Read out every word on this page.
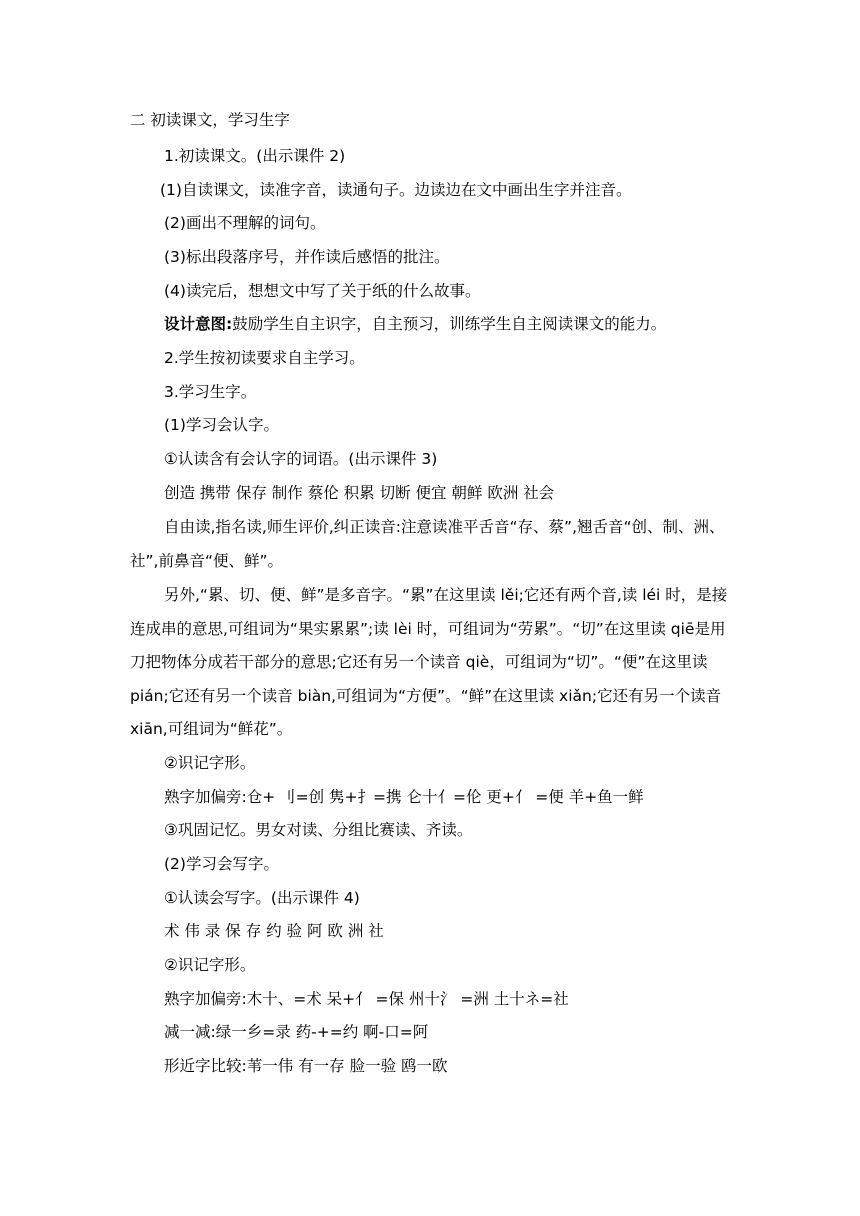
二 初读课文，学习生字
1.初读课文。(出示课件 2)
(1)自读课文，读准字音，读通句子。边读边在文中画出生字并注音。
(2)画出不理解的词句。
(3)标出段落序号，并作读后感悟的批注。
(4)读完后，想想文中写了关于纸的什么故事。
设计意图:鼓励学生自主识字，自主预习，训练学生自主阅读课文的能力。
2.学生按初读要求自主学习。
3.学习生字。
(1)学习会认字。
①认读含有会认字的词语。(出示课件 3)
创造 携带 保存 制作 蔡伦 积累 切断 便宜 朝鲜 欧洲 社会
自由读,指名读,师生评价,纠正读音:注意读准平舌音“存、蔡”,翘舌音“创、制、洲、社”,前鼻音“便、鲜”。
另外,“累、切、便、鲜”是多音字。“累”在这里读 lěi;它还有两个音,读 léi 时，是接连成串的意思,可组词为“果实累累”;读 lèi 时，可组词为“劳累”。“切”在这里读 qiē是用刀把物体分成若干部分的意思;它还有另一个读音 qiè，可组词为“切”。“便”在这里读 pián;它还有另一个读音 biàn,可组词为“方便”。“鲜”在这里读 xiǎn;它还有另一个读音 xiān,可组词为“鲜花”。
②识记字形。
熟字加偏旁:仓+ 刂=创 隽+扌=携 仑十亻=伦 更+亻 =便 羊+鱼一鲜
③巩固记忆。男女对读、分组比赛读、齐读。
(2)学习会写字。
①认读会写字。(出示课件 4)
术 伟 录 保 存 约 验 阿 欧 洲 社
②识记字形。
熟字加偏旁:木十、=术 呆+亻 =保 州十氵 =洲 土十ネ=社
减一减:绿一乡=录 药-+=约 啊-口=阿
形近字比较:苇一伟 有一存 脸一验 鸥一欧
